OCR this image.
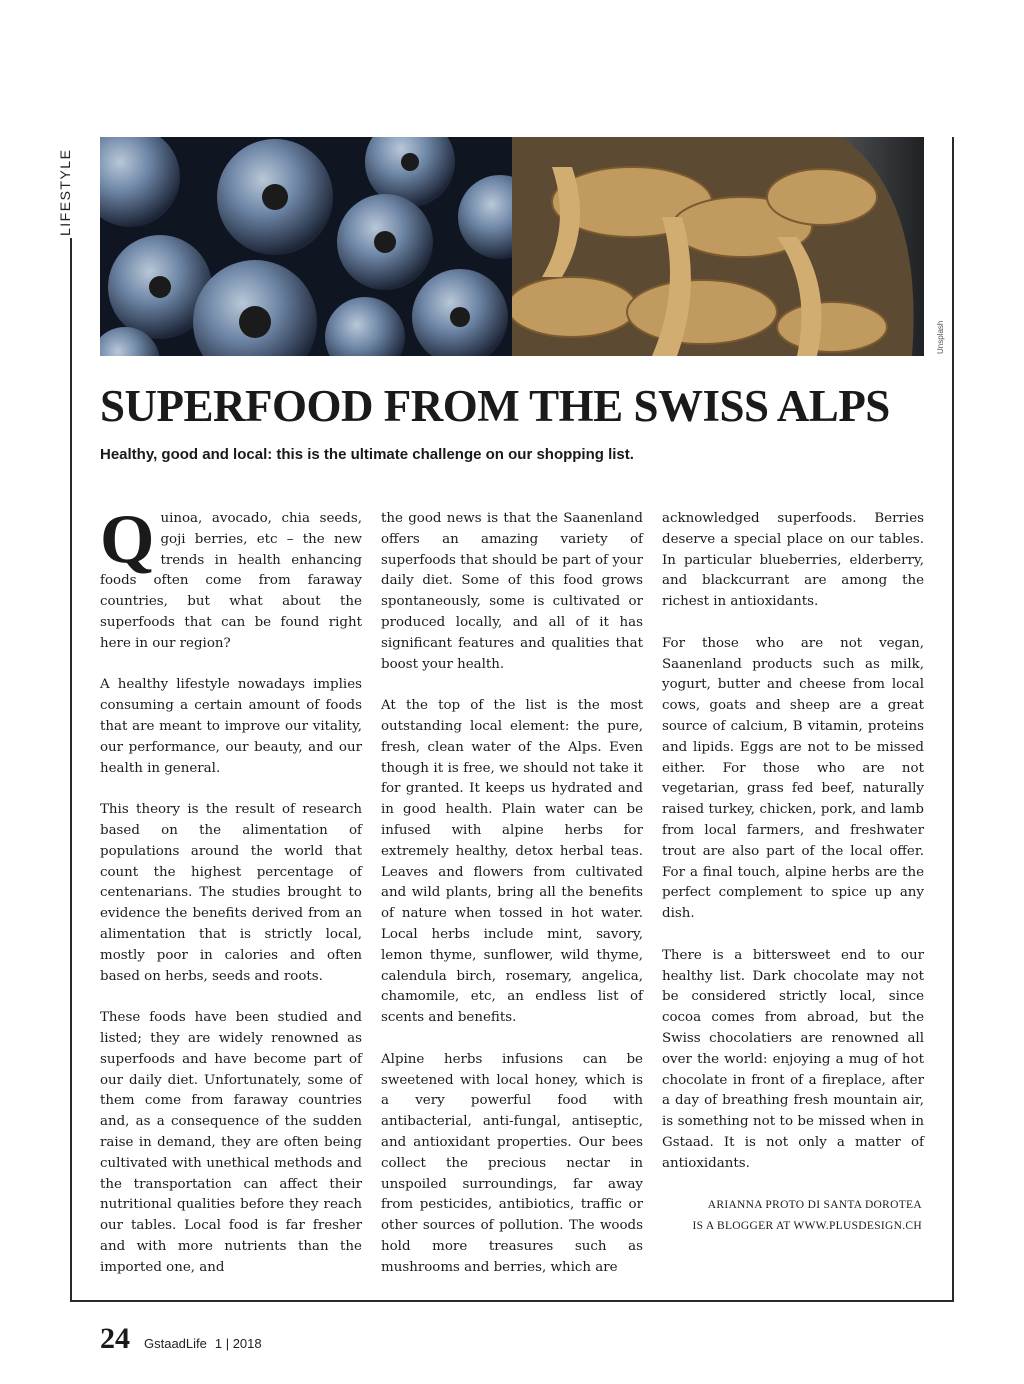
LIFESTYLE
Unsplash
SUPERFOOD FROM THE SWISS ALPS

Healthy, good and local: this is the ultimate challenge on our shopping list.

Quinoa, avocado, chia seeds, goji berries, etc – the new trends in health enhancing foods often come from faraway countries, but what about the superfoods that can be found right here in our region?

A healthy lifestyle nowadays implies consuming a certain amount of foods that are meant to improve our vitality, our performance, our beauty, and our health in general.

This theory is the result of research based on the alimentation of populations around the world that count the highest percentage of centenarians. The studies brought to evidence the benefits derived from an alimentation that is strictly local, mostly poor in calories and often based on herbs, seeds and roots.

These foods have been studied and listed; they are widely renowned as superfoods and have become part of our daily diet. Unfortunately, some of them come from faraway countries and, as a consequence of the sudden raise in demand, they are often being cultivated with unethical methods and the transportation can affect their nutritional qualities before they reach our tables. Local food is far fresher and with more nutrients than the imported one, and

the good news is that the Saanenland offers an amazing variety of superfoods that should be part of your daily diet. Some of this food grows spontaneously, some is cultivated or produced locally, and all of it has significant features and qualities that boost your health.

At the top of the list is the most outstanding local element: the pure, fresh, clean water of the Alps. Even though it is free, we should not take it for granted. It keeps us hydrated and in good health. Plain water can be infused with alpine herbs for extremely healthy, detox herbal teas. Leaves and flowers from cultivated and wild plants, bring all the benefits of nature when tossed in hot water. Local herbs include mint, savory, lemon thyme, sunflower, wild thyme, calendula birch, rosemary, angelica, chamomile, etc, an endless list of scents and benefits.

Alpine herbs infusions can be sweetened with local honey, which is a very powerful food with antibacterial, anti-fungal, antiseptic, and antioxidant properties. Our bees collect the precious nectar in unspoiled surroundings, far away from pesticides, antibiotics, traffic or other sources of pollution. The woods hold more treasures such as mushrooms and berries, which are

acknowledged superfoods. Berries deserve a special place on our tables. In particular blueberries, elderberry, and blackcurrant are among the richest in antioxidants.

For those who are not vegan, Saanenland products such as milk, yogurt, butter and cheese from local cows, goats and sheep are a great source of calcium, B vitamin, proteins and lipids. Eggs are not to be missed either. For those who are not vegetarian, grass fed beef, naturally raised turkey, chicken, pork, and lamb from local farmers, and freshwater trout are also part of the local offer. For a final touch, alpine herbs are the perfect complement to spice up any dish.

There is a bittersweet end to our healthy list. Dark chocolate may not be considered strictly local, since cocoa comes from abroad, but the Swiss chocolatiers are renowned all over the world: enjoying a mug of hot chocolate in front of a fireplace, after a day of breathing fresh mountain air, is something not to be missed when in Gstaad. It is not only a matter of antioxidants.

ARIANNA PROTO DI SANTA DOROTEA
IS A BLOGGER AT WWW.PLUSDESIGN.CH
24 GstaadLife 1 | 2018
